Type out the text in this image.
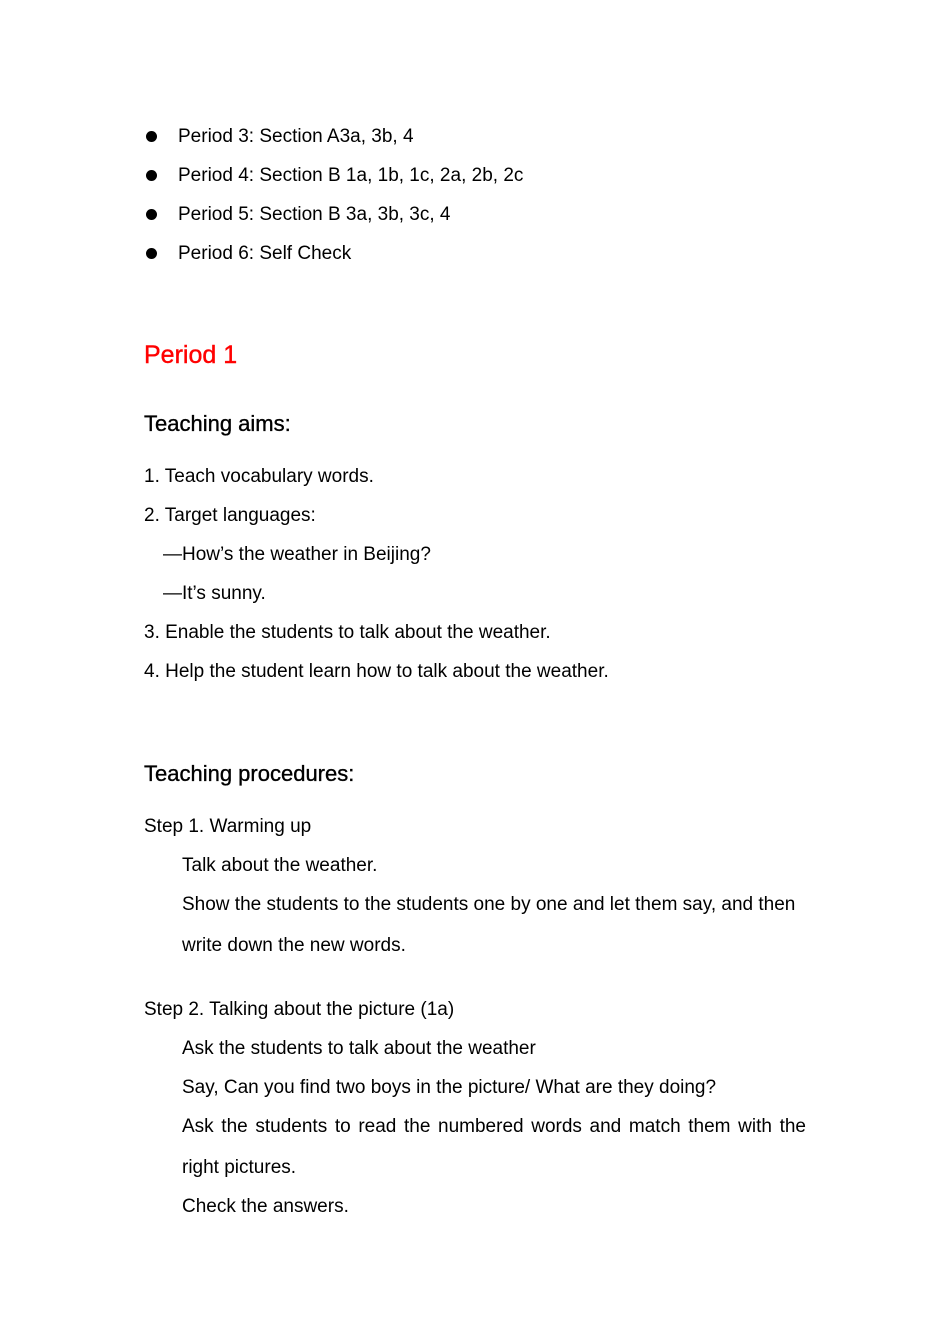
Period 3: Section A3a, 3b, 4
Period 4: Section B 1a, 1b, 1c, 2a, 2b, 2c
Period 5: Section B 3a, 3b, 3c, 4
Period 6: Self Check
Period 1
Teaching aims:
1. Teach vocabulary words.
2. Target languages:
—How’s the weather in Beijing?
—It’s sunny.
3. Enable the students to talk about the weather.
4. Help the student learn how to talk about the weather.
Teaching procedures:
Step 1. Warming up
Talk about the weather.
Show the students to the students one by one and let them say, and then
write down the new words.
Step 2. Talking about the picture (1a)
Ask the students to talk about the weather
Say, Can you find two boys in the picture/ What are they doing?
Ask the students to read the numbered words and match them with the
right pictures.
Check the answers.
